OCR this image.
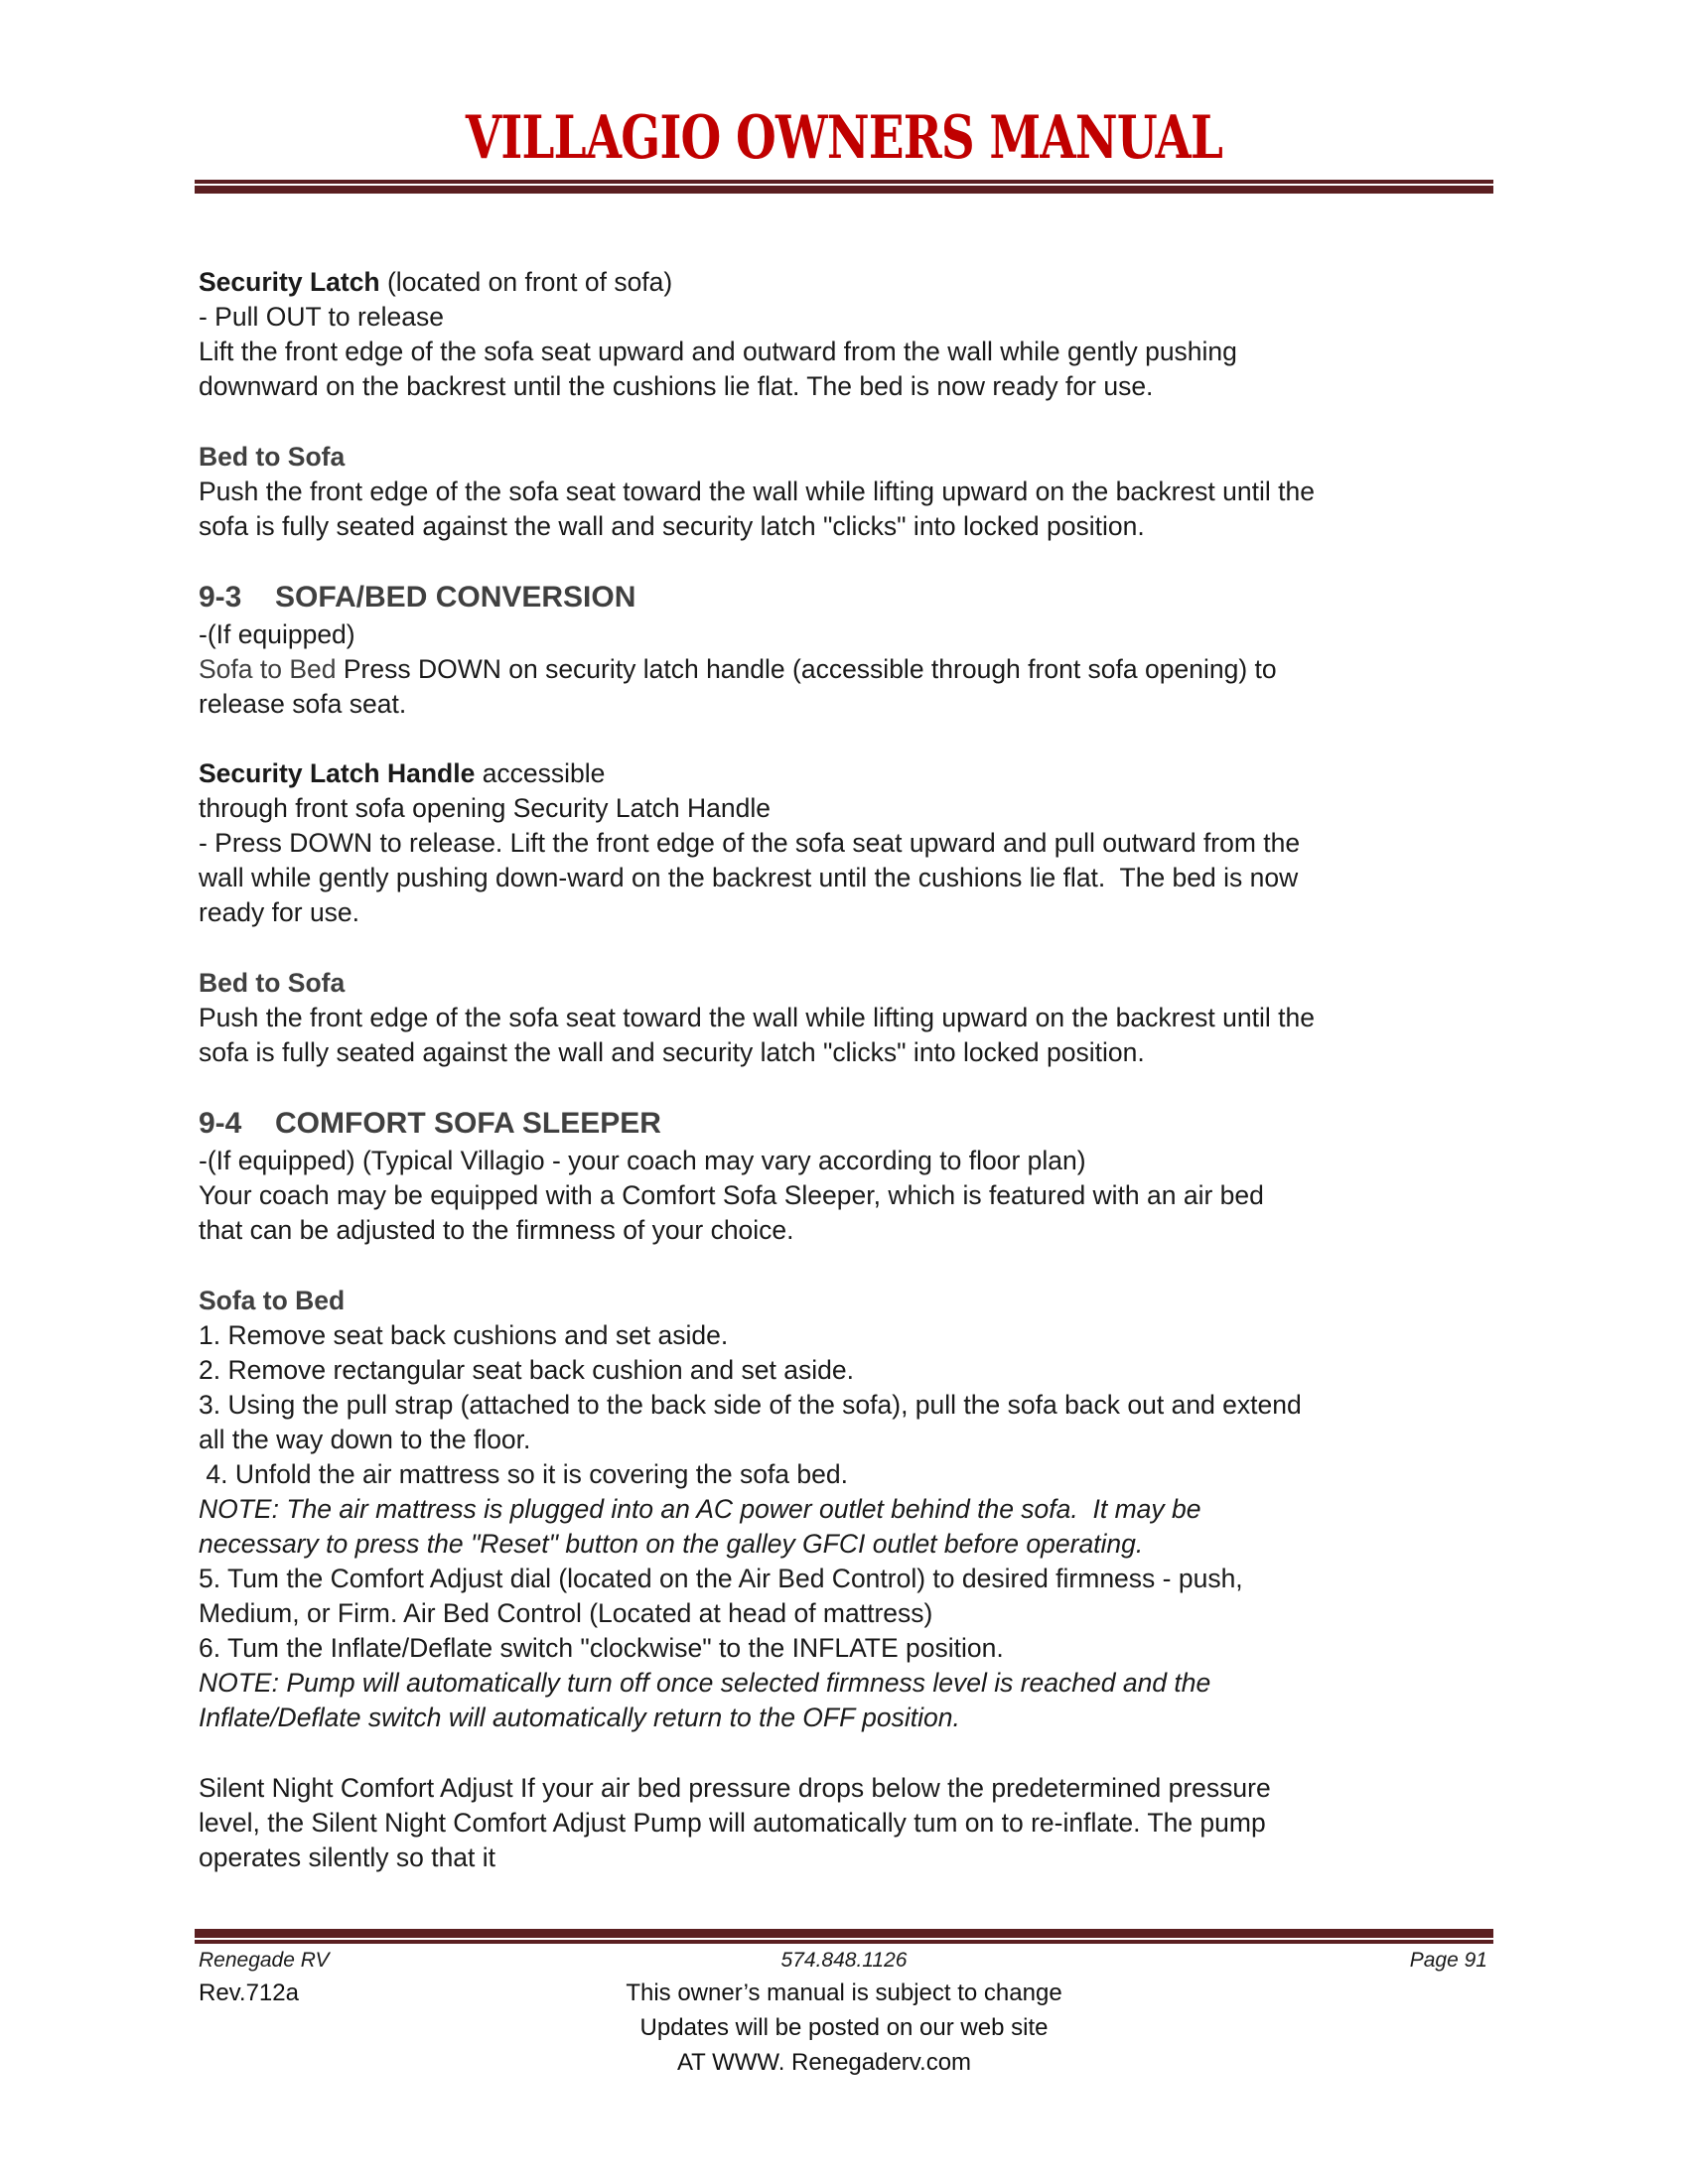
VILLAGIO OWNERS MANUAL
Security Latch (located on front of sofa)
- Pull OUT to release
Lift the front edge of the sofa seat upward and outward from the wall while gently pushing
downward on the backrest until the cushions lie flat. The bed is now ready for use.
Bed to Sofa
Push the front edge of the sofa seat toward the wall while lifting upward on the backrest until the
sofa is fully seated against the wall and security latch "clicks" into locked position.
9-3 SOFA/BED CONVERSION
-(If equipped)
Sofa to Bed Press DOWN on security latch handle (accessible through front sofa opening) to
release sofa seat.
Security Latch Handle accessible
through front sofa opening Security Latch Handle
- Press DOWN to release. Lift the front edge of the sofa seat upward and pull outward from the
wall while gently pushing down-ward on the backrest until the cushions lie flat.  The bed is now
ready for use.
Bed to Sofa
Push the front edge of the sofa seat toward the wall while lifting upward on the backrest until the
sofa is fully seated against the wall and security latch "clicks" into locked position.
9-4 COMFORT SOFA SLEEPER
-(If equipped) (Typical Villagio - your coach may vary according to floor plan)
Your coach may be equipped with a Comfort Sofa Sleeper, which is featured with an air bed
that can be adjusted to the firmness of your choice.
Sofa to Bed
1. Remove seat back cushions and set aside.
2. Remove rectangular seat back cushion and set aside.
3. Using the pull strap (attached to the back side of the sofa), pull the sofa back out and extend
all the way down to the floor.
4. Unfold the air mattress so it is covering the sofa bed.
NOTE: The air mattress is plugged into an AC power outlet behind the sofa.  It may be
necessary to press the "Reset" button on the galley GFCI outlet before operating.
5. Tum the Comfort Adjust dial (located on the Air Bed Control) to desired firmness - push,
Medium, or Firm. Air Bed Control (Located at head of mattress)
6. Tum the Inflate/Deflate switch "clockwise" to the INFLATE position.
NOTE: Pump will automatically turn off once selected firmness level is reached and the
Inflate/Deflate switch will automatically return to the OFF position.
Silent Night Comfort Adjust If your air bed pressure drops below the predetermined pressure
level, the Silent Night Comfort Adjust Pump will automatically tum on to re-inflate. The pump
operates silently so that it
Renegade RV	574.848.1126	Page 91
Rev.712a	This owner’s manual is subject to change
Updates will be posted on our web site
AT WWW. Renegaderv.com
